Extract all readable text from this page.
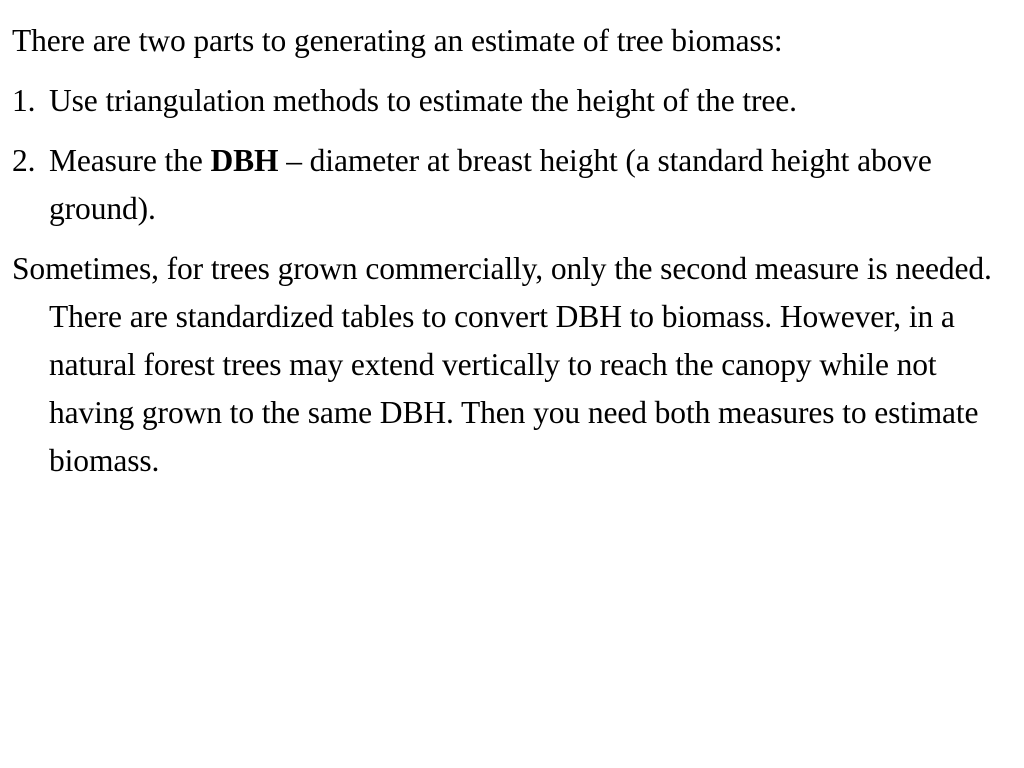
There are two parts to generating an estimate of tree biomass:

1. Use triangulation methods to estimate the height of the tree.
2. Measure the DBH – diameter at breast height (a standard height above ground).

Sometimes, for trees grown commercially, only the second measure is needed. There are standardized tables to convert DBH to biomass. However, in a natural forest trees may extend vertically to reach the canopy while not having grown to the same DBH. Then you need both measures to estimate biomass.
